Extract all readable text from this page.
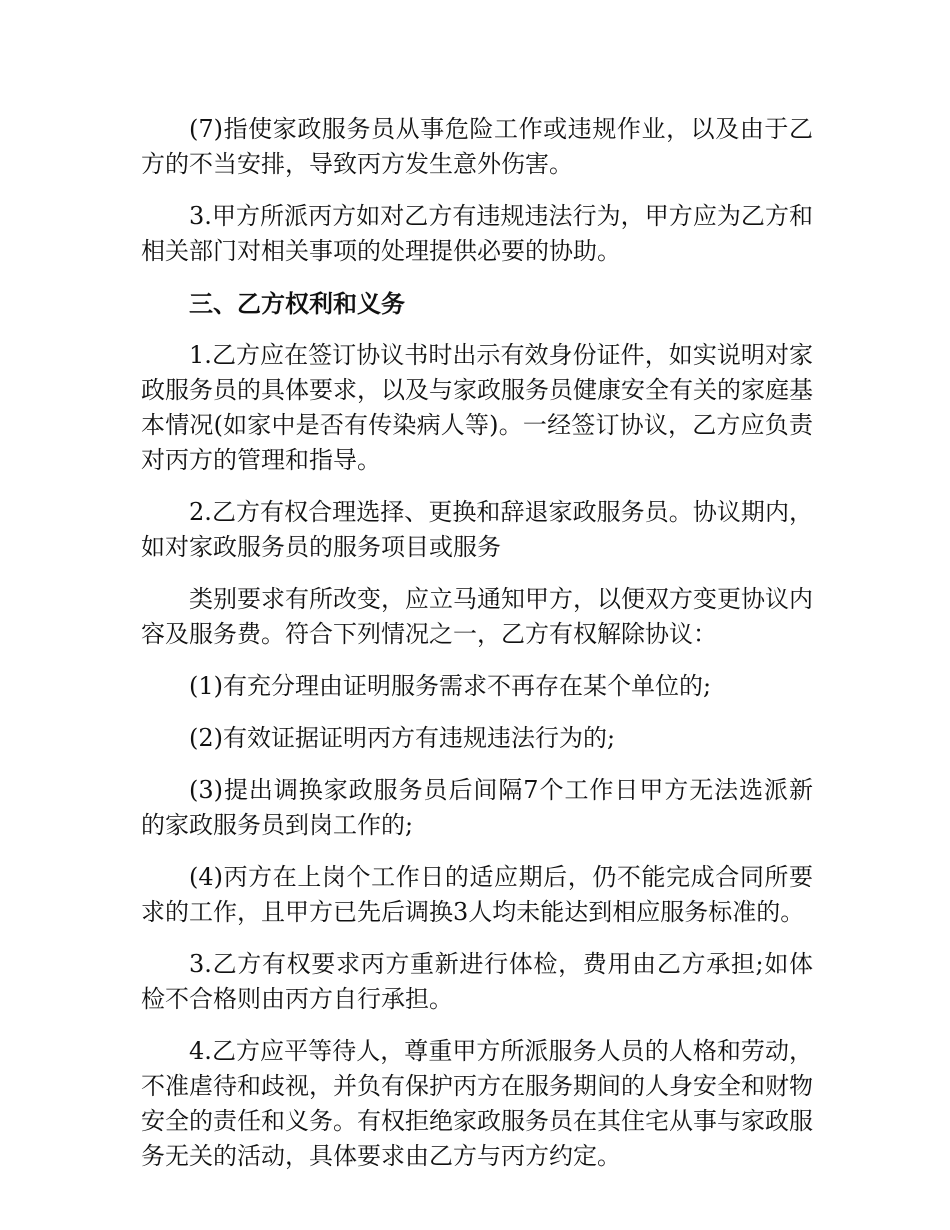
(7)指使家政服务员从事危险工作或违规作业，以及由于乙方的不当安排，导致丙方发生意外伤害。

3.甲方所派丙方如对乙方有违规违法行为，甲方应为乙方和相关部门对相关事项的处理提供必要的协助。

三、乙方权利和义务

1.乙方应在签订协议书时出示有效身份证件，如实说明对家政服务员的具体要求，以及与家政服务员健康安全有关的家庭基本情况(如家中是否有传染病人等)。一经签订协议，乙方应负责对丙方的管理和指导。

2.乙方有权合理选择、更换和辞退家政服务员。协议期内，如对家政服务员的服务项目或服务

类别要求有所改变，应立马通知甲方，以便双方变更协议内容及服务费。符合下列情况之一，乙方有权解除协议：

(1)有充分理由证明服务需求不再存在某个单位的;

(2)有效证据证明丙方有违规违法行为的;

(3)提出调换家政服务员后间隔7个工作日甲方无法选派新的家政服务员到岗工作的;

(4)丙方在上岗个工作日的适应期后，仍不能完成合同所要求的工作，且甲方已先后调换3人均未能达到相应服务标准的。

3.乙方有权要求丙方重新进行体检，费用由乙方承担;如体检不合格则由丙方自行承担。

4.乙方应平等待人，尊重甲方所派服务人员的人格和劳动，不准虐待和歧视，并负有保护丙方在服务期间的人身安全和财物安全的责任和义务。有权拒绝家政服务员在其住宅从事与家政服务无关的活动，具体要求由乙方与丙方约定。
